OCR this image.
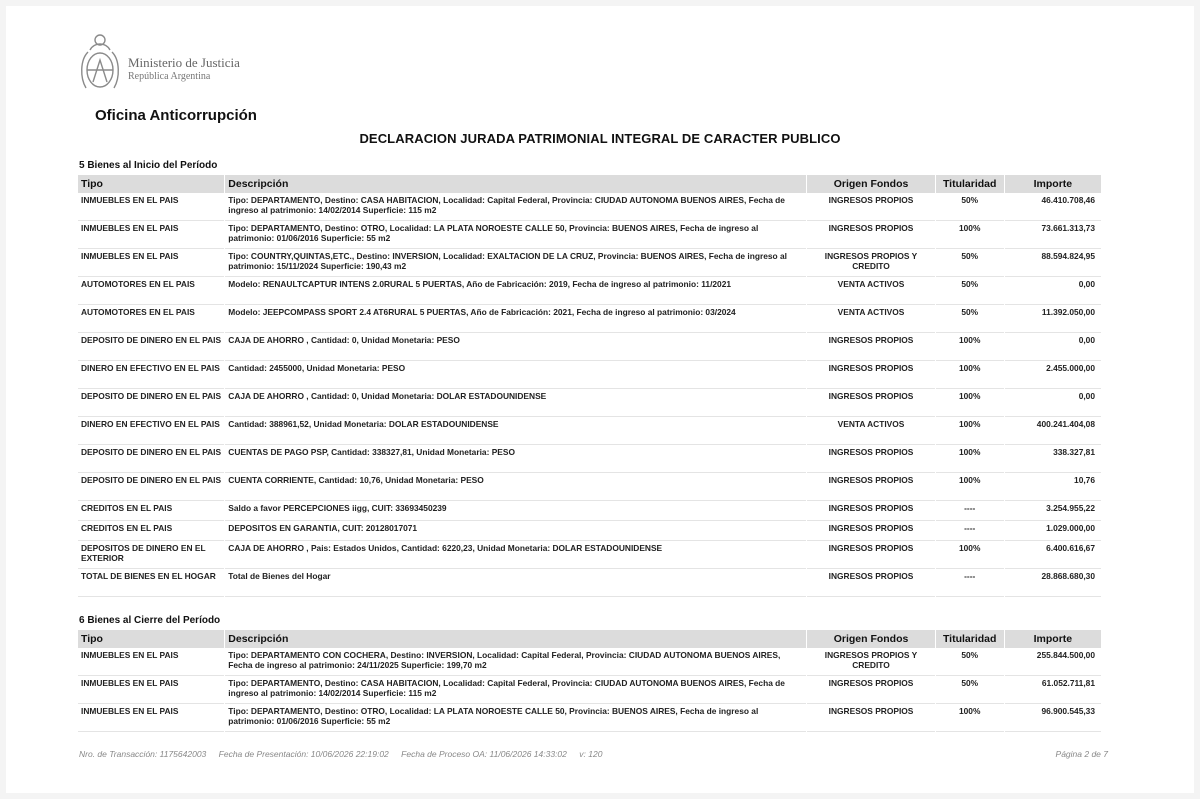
Ministerio de Justicia
República Argentina
Oficina Anticorrupción
DECLARACION JURADA PATRIMONIAL INTEGRAL DE CARACTER PUBLICO
5 Bienes al Inicio del Período
Tipo	Descripción	Origen Fondos	Titularidad	Importe
INMUEBLES EN EL PAIS	Tipo: DEPARTAMENTO, Destino: CASA HABITACION, Localidad: Capital Federal, Provincia: CIUDAD AUTONOMA BUENOS AIRES, Fecha de ingreso al patrimonio: 14/02/2014 Superficie: 115 m2	INGRESOS PROPIOS	50%	46.410.708,46
INMUEBLES EN EL PAIS	Tipo: DEPARTAMENTO, Destino: OTRO, Localidad: LA PLATA NOROESTE CALLE 50, Provincia: BUENOS AIRES, Fecha de ingreso al patrimonio: 01/06/2016 Superficie: 55 m2	INGRESOS PROPIOS	100%	73.661.313,73
INMUEBLES EN EL PAIS	Tipo: COUNTRY,QUINTAS,ETC., Destino: INVERSION, Localidad: EXALTACION DE LA CRUZ, Provincia: BUENOS AIRES, Fecha de ingreso al patrimonio: 15/11/2024 Superficie: 190,43 m2	INGRESOS PROPIOS Y CREDITO	50%	88.594.824,95
AUTOMOTORES EN EL PAIS	Modelo: RENAULTCAPTUR INTENS 2.0RURAL 5 PUERTAS, Año de Fabricación: 2019, Fecha de ingreso al patrimonio: 11/2021	VENTA ACTIVOS	50%	0,00
AUTOMOTORES EN EL PAIS	Modelo: JEEPCOMPASS SPORT 2.4 AT6RURAL 5 PUERTAS, Año de Fabricación: 2021, Fecha de ingreso al patrimonio: 03/2024	VENTA ACTIVOS	50%	11.392.050,00
DEPOSITO DE DINERO EN EL PAIS	CAJA DE AHORRO , Cantidad: 0, Unidad Monetaria: PESO	INGRESOS PROPIOS	100%	0,00
DINERO EN EFECTIVO EN EL PAIS	Cantidad: 2455000, Unidad Monetaria: PESO	INGRESOS PROPIOS	100%	2.455.000,00
DEPOSITO DE DINERO EN EL PAIS	CAJA DE AHORRO , Cantidad: 0, Unidad Monetaria: DOLAR ESTADOUNIDENSE	INGRESOS PROPIOS	100%	0,00
DINERO EN EFECTIVO EN EL PAIS	Cantidad: 388961,52, Unidad Monetaria: DOLAR ESTADOUNIDENSE	VENTA ACTIVOS	100%	400.241.404,08
DEPOSITO DE DINERO EN EL PAIS	CUENTAS DE PAGO PSP, Cantidad: 338327,81, Unidad Monetaria: PESO	INGRESOS PROPIOS	100%	338.327,81
DEPOSITO DE DINERO EN EL PAIS	CUENTA CORRIENTE, Cantidad: 10,76, Unidad Monetaria: PESO	INGRESOS PROPIOS	100%	10,76
CREDITOS EN EL PAIS	Saldo a favor PERCEPCIONES iigg, CUIT: 33693450239	INGRESOS PROPIOS	----	3.254.955,22
CREDITOS EN EL PAIS	DEPOSITOS EN GARANTIA, CUIT: 20128017071	INGRESOS PROPIOS	----	1.029.000,00
DEPOSITOS DE DINERO EN EL EXTERIOR	CAJA DE AHORRO , Pais: Estados Unidos, Cantidad: 6220,23, Unidad Monetaria: DOLAR ESTADOUNIDENSE	INGRESOS PROPIOS	100%	6.400.616,67
TOTAL DE BIENES EN EL HOGAR	Total de Bienes del Hogar	INGRESOS PROPIOS	----	28.868.680,30
6 Bienes al Cierre del Período
Tipo	Descripción	Origen Fondos	Titularidad	Importe
INMUEBLES EN EL PAIS	Tipo: DEPARTAMENTO CON COCHERA, Destino: INVERSION, Localidad: Capital Federal, Provincia: CIUDAD AUTONOMA BUENOS AIRES, Fecha de ingreso al patrimonio: 24/11/2025 Superficie: 199,70 m2	INGRESOS PROPIOS Y CREDITO	50%	255.844.500,00
INMUEBLES EN EL PAIS	Tipo: DEPARTAMENTO, Destino: CASA HABITACION, Localidad: Capital Federal, Provincia: CIUDAD AUTONOMA BUENOS AIRES, Fecha de ingreso al patrimonio: 14/02/2014 Superficie: 115 m2	INGRESOS PROPIOS	50%	61.052.711,81
INMUEBLES EN EL PAIS	Tipo: DEPARTAMENTO, Destino: OTRO, Localidad: LA PLATA NOROESTE CALLE 50, Provincia: BUENOS AIRES, Fecha de ingreso al patrimonio: 01/06/2016 Superficie: 55 m2	INGRESOS PROPIOS	100%	96.900.545,33
Nro. de Transacción: 1175642003 Fecha de Presentación: 10/06/2026 22:19:02 Fecha de Proceso OA: 11/06/2026 14:33:02 v: 120	Página 2 de 7
